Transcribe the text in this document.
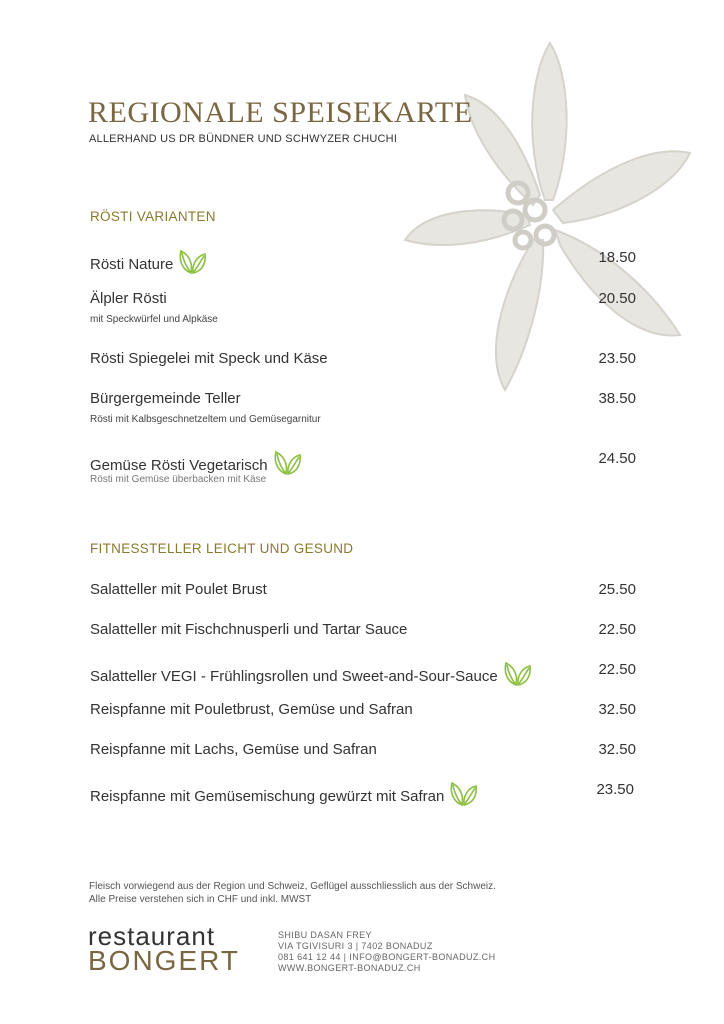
REGIONALE SPEISEKARTE
ALLERHAND US DR BÜNDNER UND SCHWYZER CHUCHI
RÖSTI VARIANTEN
Rösti Nature	18.50
Älpler Rösti	20.50
mit Speckwürfel und Alpkäse
Rösti Spiegelei mit Speck und Käse	23.50
Bürgergemeinde Teller	38.50
Rösti mit Kalbsgeschnetzeltem und Gemüsegarnitur
Gemüse Rösti Vegetarisch	24.50
Rösti mit Gemüse überbacken mit Käse
FITNESSTELLER LEICHT UND GESUND
Salatteller mit Poulet Brust	25.50
Salatteller mit Fischchnusperli und Tartar Sauce	22.50
Salatteller VEGI - Frühlingsrollen und Sweet-and-Sour-Sauce	22.50
Reispfanne mit Pouletbrust, Gemüse und Safran	32.50
Reispfanne mit Lachs, Gemüse und Safran	32.50
Reispfanne mit Gemüsemischung gewürzt mit Safran	23.50
Fleisch vorwiegend aus der Region und Schweiz, Geflügel ausschliesslich aus der Schweiz.
Alle Preise verstehen sich in CHF und inkl. MWST
restaurant
BONGERT
SHIBU DASAN FREY
VIA TGIVISURI 3 | 7402 BONADUZ
081 641 12 44 | INFO@BONGERT-BONADUZ.CH
WWW.BONGERT-BONADUZ.CH
